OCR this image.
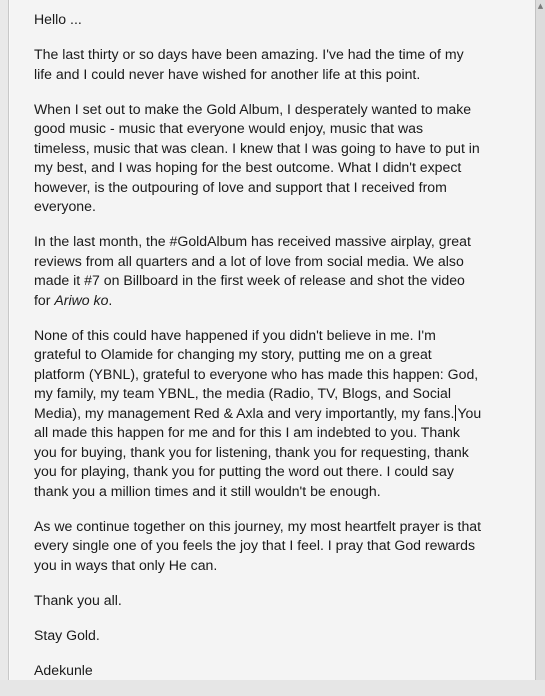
Hello ...

The last thirty or so days have been amazing. I've had the time of my
life and I could never have wished for another life at this point.

When I set out to make the Gold Album, I desperately wanted to make
good music - music that everyone would enjoy, music that was
timeless, music that was clean. I knew that I was going to have to put in
my best, and I was hoping for the best outcome. What I didn't expect
however, is the outpouring of love and support that I received from
everyone.

In the last month, the #GoldAlbum has received massive airplay, great
reviews from all quarters and a lot of love from social media. We also
made it #7 on Billboard in the first week of release and shot the video
for Ariwo ko.

None of this could have happened if you didn't believe in me. I'm
grateful to Olamide for changing my story, putting me on a great
platform (YBNL), grateful to everyone who has made this happen: God,
my family, my team YBNL, the media (Radio, TV, Blogs, and Social
Media), my management Red & Axla and very importantly, my fans. You
all made this happen for me and for this I am indebted to you. Thank
you for buying, thank you for listening, thank you for requesting, thank
you for playing, thank you for putting the word out there. I could say
thank you a million times and it still wouldn't be enough.

As we continue together on this journey, my most heartfelt prayer is that
every single one of you feels the joy that I feel. I pray that God rewards
you in ways that only He can.

Thank you all.

Stay Gold.

Adekunle

▲
